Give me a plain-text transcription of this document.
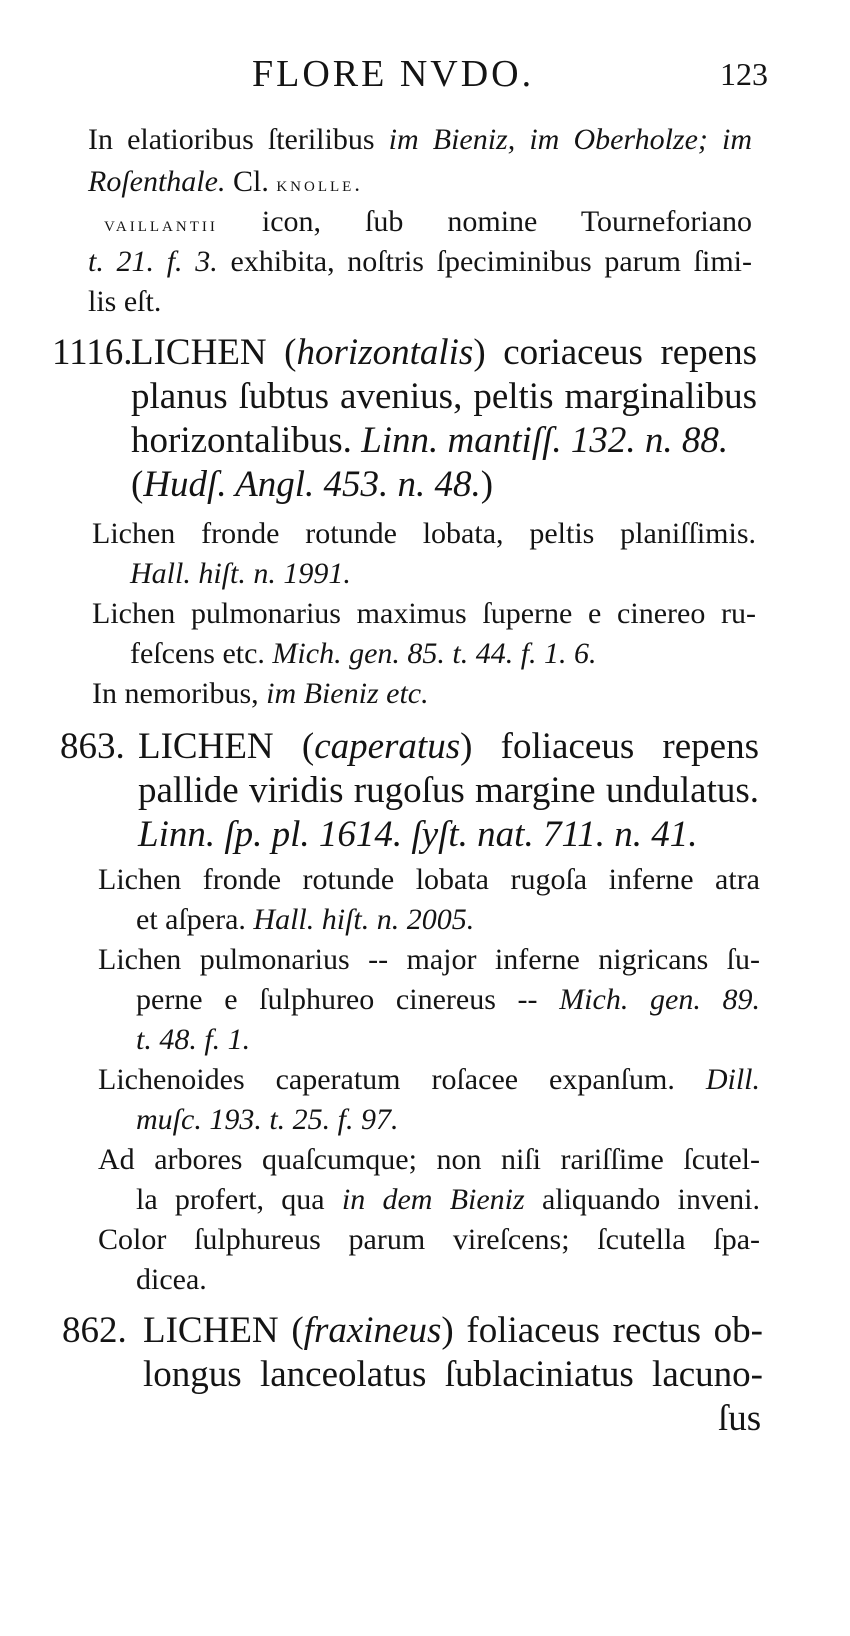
FLORE NVDO.	123
In elatioribus ſterilibus im Bieniz, im Oberholze; im
Roſenthale. Cl. knolle.
vaillantii icon, ſub nomine Tourneforiano
t. 21. f. 3. exhibita, noſtris ſpeciminibus parum ſimi-
lis eſt.
1116.
LICHEN (horizontalis) coriaceus repens
planus ſubtus avenius, peltis marginalibus
horizontalibus. Linn. mantiſſ. 132. n. 88.
(Hudſ. Angl. 453. n. 48.)
Lichen fronde rotunde lobata, peltis planiſſimis.
Hall. hiſt. n. 1991.
Lichen pulmonarius maximus ſuperne e cinereo ru-
feſcens etc. Mich. gen. 85. t. 44. f. 1. 6.
In nemoribus, im Bieniz etc.
863. LICHEN (caperatus) foliaceus repens
pallide viridis rugoſus margine undulatus.
Linn. ſp. pl. 1614. ſyſt. nat. 711. n. 41.
Lichen fronde rotunde lobata rugoſa inferne atra
et aſpera. Hall. hiſt. n. 2005.
Lichen pulmonarius -- major inferne nigricans ſu-
perne e ſulphureo cinereus -- Mich. gen. 89.
t. 48. f. 1.
Lichenoides caperatum roſacee expanſum. Dill.
muſc. 193. t. 25. f. 97.
Ad arbores quaſcumque; non niſi rariſſime ſcutel-
la profert, qua in dem Bieniz aliquando inveni.
Color ſulphureus parum vireſcens; ſcutella ſpa-
dicea.
862. LICHEN (fraxineus) foliaceus rectus ob-
longus lanceolatus ſublaciniatus lacuno-
ſus
